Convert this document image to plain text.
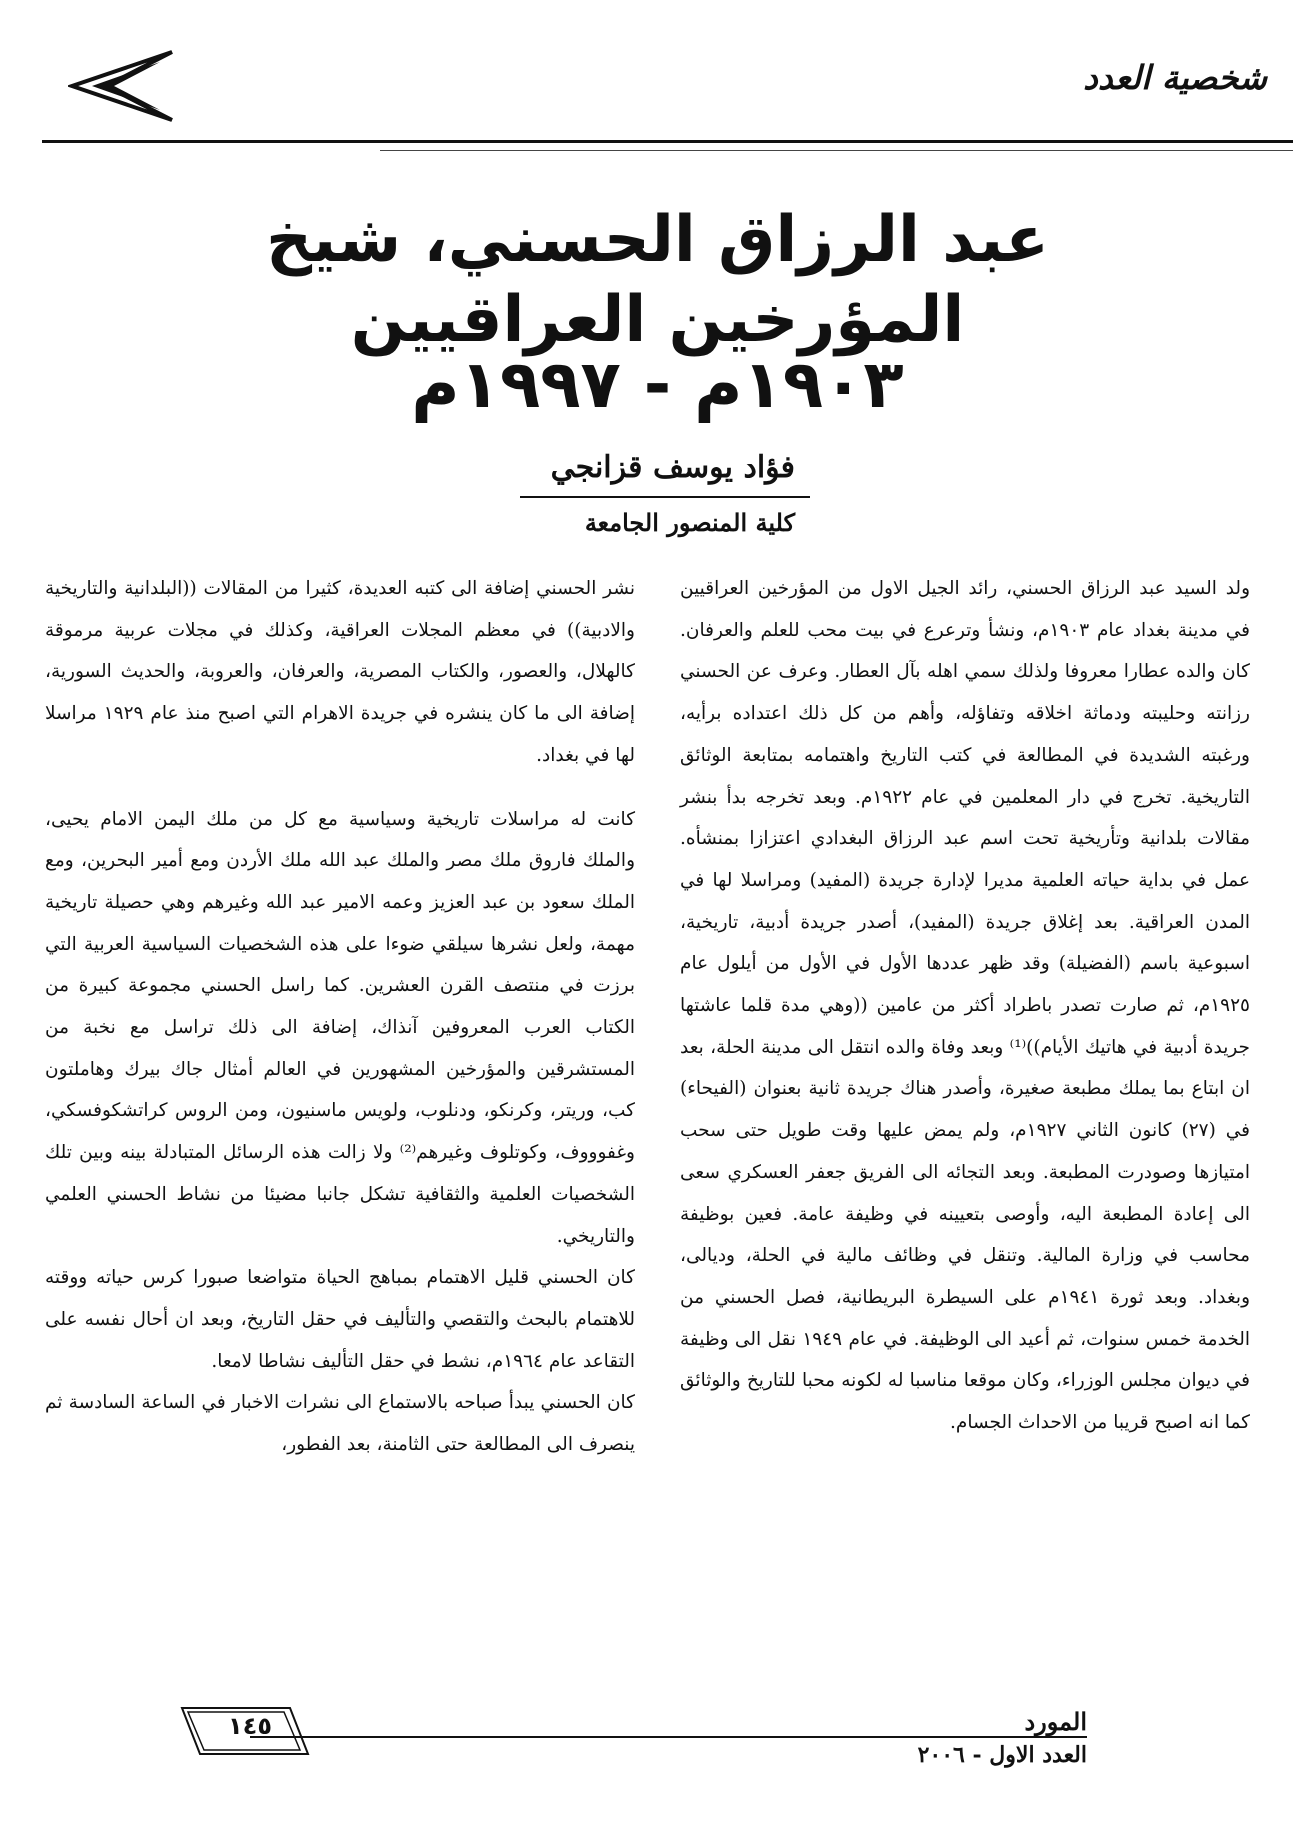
شخصية العدد
عبد الرزاق الحسني، شيخ المؤرخين العراقيين
١٩٠٣م - ١٩٩٧م
فؤاد يوسف قزانجي
كلية المنصور الجامعة

ولد السيد عبد الرزاق الحسني، رائد الجيل الاول من المؤرخين العراقيين في مدينة بغداد عام ١٩٠٣م، ونشأ وترعرع في بيت محب للعلم والعرفان. كان والده عطارا معروفا ولذلك سمي اهله بآل العطار. وعرف عن الحسني رزانته وحليبته ودماثة اخلاقه وتفاؤله، وأهم من كل ذلك اعتداده برأيه، ورغبته الشديدة في المطالعة في كتب التاريخ واهتمامه بمتابعة الوثائق التاريخية. تخرج في دار المعلمين في عام ١٩٢٢م. وبعد تخرجه بدأ بنشر مقالات بلدانية وتأريخية تحت اسم عبد الرزاق البغدادي اعتزازا بمنشأه. عمل في بداية حياته العلمية مديرا لإدارة جريدة (المفيد) ومراسلا لها في المدن العراقية. بعد إغلاق جريدة (المفيد)، أصدر جريدة أدبية، تاريخية، اسبوعية باسم (الفضيلة) وقد ظهر عددها الأول في الأول من أيلول عام ١٩٢٥م، ثم صارت تصدر باطراد أكثر من عامين ((وهي مدة قلما عاشتها جريدة أدبية في هاتيك الأيام))⁽¹⁾ وبعد وفاة والده انتقل الى مدينة الحلة، بعد ان ابتاع بما يملك مطبعة صغيرة، وأصدر هناك جريدة ثانية بعنوان (الفيحاء) في (٢٧) كانون الثاني ١٩٢٧م، ولم يمض عليها وقت طويل حتى سحب امتيازها وصودرت المطبعة. وبعد التجائه الى الفريق جعفر العسكري سعى الى إعادة المطبعة اليه، وأوصى بتعيينه في وظيفة عامة. فعين بوظيفة محاسب في وزارة المالية. وتنقل في وظائف مالية في الحلة، وديالى، وبغداد. وبعد ثورة ١٩٤١م على السيطرة البريطانية، فصل الحسني من الخدمة خمس سنوات، ثم أعيد الى الوظيفة. في عام ١٩٤٩ نقل الى وظيفة في ديوان مجلس الوزراء، وكان موقعا مناسبا له لكونه محبا للتاريخ والوثائق كما انه اصبح قريبا من الاحداث الجسام.

نشر الحسني إضافة الى كتبه العديدة، كثيرا من المقالات ((البلدانية والتاريخية والادبية)) في معظم المجلات العراقية، وكذلك في مجلات عربية مرموقة كالهلال، والعصور، والكتاب المصرية، والعرفان، والعروبة، والحديث السورية، إضافة الى ما كان ينشره في جريدة الاهرام التي اصبح منذ عام ١٩٢٩ مراسلا لها في بغداد.

كانت له مراسلات تاريخية وسياسية مع كل من ملك اليمن الامام يحيى، والملك فاروق ملك مصر والملك عبد الله ملك الأردن ومع أمير البحرين، ومع الملك سعود بن عبد العزيز وعمه الامير عبد الله وغيرهم وهي حصيلة تاريخية مهمة، ولعل نشرها سيلقي ضوءا على هذه الشخصيات السياسية العربية التي برزت في منتصف القرن العشرين. كما راسل الحسني مجموعة كبيرة من الكتاب العرب المعروفين آنذاك، إضافة الى ذلك تراسل مع نخبة من المستشرقين والمؤرخين المشهورين في العالم أمثال جاك بيرك وهاملتون كب، وريتر، وكرنكو، ودنلوب، ولويس ماسنيون، ومن الروس كراتشكوفسكي، وغفوووف، وكوتلوف وغيرهم⁽²⁾ ولا زالت هذه الرسائل المتبادلة بينه وبين تلك الشخصيات العلمية والثقافية تشكل جانبا مضيئا من نشاط الحسني العلمي والتاريخي.

كان الحسني قليل الاهتمام بمباهج الحياة متواضعا صبورا كرس حياته ووقته للاهتمام بالبحث والتقصي والتأليف في حقل التاريخ، وبعد ان أحال نفسه على التقاعد عام ١٩٦٤م، نشط في حقل التأليف نشاطا لامعا.

كان الحسني يبدأ صباحه بالاستماع الى نشرات الاخبار في الساعة السادسة ثم ينصرف الى المطالعة حتى الثامنة، بعد الفطور،

١٤٥	المورد
العدد الاول - ٢٠٠٦
